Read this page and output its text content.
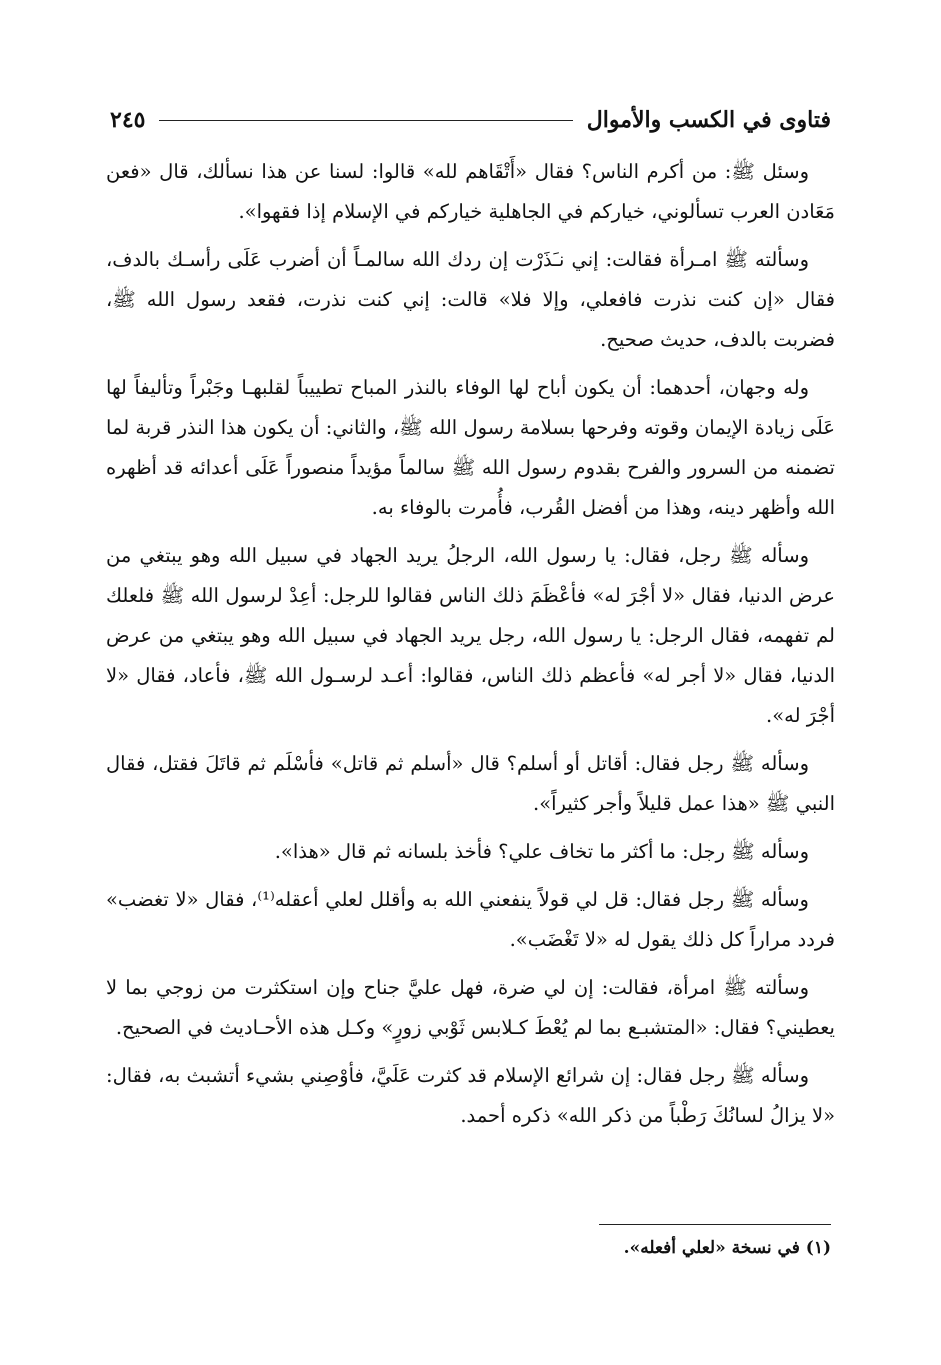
فتاوى في الكسب والأموال
٢٤٥

وسئل ﷺ: من أكرم الناس؟ فقال «أَتْقَاهم لله» قالوا: لسنا عن هذا نسألك، قال «فعن مَعَادن العرب تسألوني، خيارکم في الجاهلية خيارکم في الإسلام إذا فقهوا».

وسألته ﷺ امـرأة فقالت: إني نـَذَرْت إن ردك الله سالمـاً أن أضرب عَلَى رأسـك بالدف، فقال «إن كنت نذرت فافعلي، وإلا فلا» قالت: إني كنت نذرت، فقعد رسول الله ﷺ، فضربت بالدف، حديث صحيح.

وله وجهان، أحدهما: أن يكون أباح لها الوفاء بالنذر المباح تطييباً لقلبهـا وجَبْراً وتأليفاً لها عَلَى زيادة الإيمان وقوته وفرحها بسلامة رسول الله ﷺ، والثاني: أن يكون هذا النذر قربة لما تضمنه من السرور والفرح بقدوم رسول الله ﷺ سالماً مؤيداً منصوراً عَلَى أعدائه قد أظهره الله وأظهر دينه، وهذا من أفضل القُرب، فأُمرت بالوفاء به.

وسأله ﷺ رجل، فقال: يا رسول الله، الرجلُ يريد الجهاد في سبيل الله وهو يبتغي من عرض الدنيا، فقال «لا أجْرَ له» فأعْظَمَ ذلك الناس فقالوا للرجل: أعِدْ لرسول الله ﷺ فلعلك لم تفهمه، فقال الرجل: يا رسول الله، رجل يريد الجهاد في سبيل الله وهو يبتغي من عرض الدنيا، فقال «لا أجر له» فأعظم ذلك الناس، فقالوا: أعـد لرسـول الله ﷺ، فأعاد، فقال «لا أجْرَ له».

وسأله ﷺ رجل فقال: أقاتل أو أسلم؟ قال «أسلم ثم قاتل» فأسْلَم ثم قاتَلَ فقتل، فقال النبي ﷺ «هذا عمل قليلاً وأجر كثيراً».

وسأله ﷺ رجل: ما أكثر ما تخاف علي؟ فأخذ بلسانه ثم قال «هذا».

وسأله ﷺ رجل فقال: قل لي قولاً ينفعني الله به وأقلل لعلي أعقله⁽¹⁾، فقال «لا تغضب» فردد مراراً كل ذلك يقول له «لا تَغْضَب».

وسألته ﷺ امرأة، فقالت: إن لي ضرة، فهل عليَّ جناح وإن استكثرت من زوجي بما لا يعطيني؟ فقال: «المتشبـع بما لم يُعْطَ كـلابس ثَوْبي زورٍ» وكـل هذه الأحـاديث في الصحيح.

وسأله ﷺ رجل فقال: إن شرائع الإسلام قد كثرت عَلَيَّ، فأوْصِني بشيء أتشبث به، فقال: «لا يزالُ لسانُكَ رَطْباً من ذكر الله» ذكره أحمد.

(١) في نسخة «لعلي أفعله».
